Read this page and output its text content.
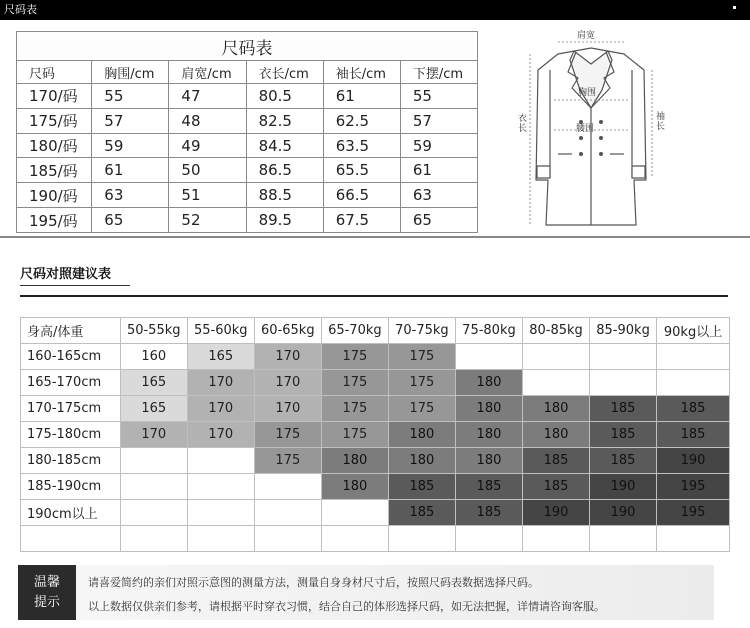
尺码表
尺码表					
尺码	胸围/cm	肩宽/cm	衣长/cm	袖长/cm	下摆/cm
170/码	55	47	80.5	61	55
175/码	57	48	82.5	62.5	57
180/码	59	49	84.5	63.5	59
185/码	61	50	86.5	65.5	61
190/码	63	51	88.5	66.5	63
195/码	65	52	89.5	67.5	65
肩宽
胸围
腰围
衣长
袖长
尺码对照建议表
身高/体重	50-55kg	55-60kg	60-65kg	65-70kg	70-75kg	75-80kg	80-85kg	85-90kg	90kg以上
160-165cm	160	165	170	175	175				
165-170cm	165	170	170	175	175	180			
170-175cm	165	170	170	175	175	180	180	185	185
175-180cm	170	170	175	175	180	180	180	185	185
180-185cm			175	180	180	180	185	185	190
185-190cm				180	185	185	185	190	195
190cm以上					185	185	190	190	195

温馨
提示
请喜爱简约的亲们对照示意图的测量方法，测量自身身材尺寸后，按照尺码表数据选择尺码。
以上数据仅供亲们参考，请根据平时穿衣习惯，结合自己的体形选择尺码，如无法把握，详情请咨询客服。
